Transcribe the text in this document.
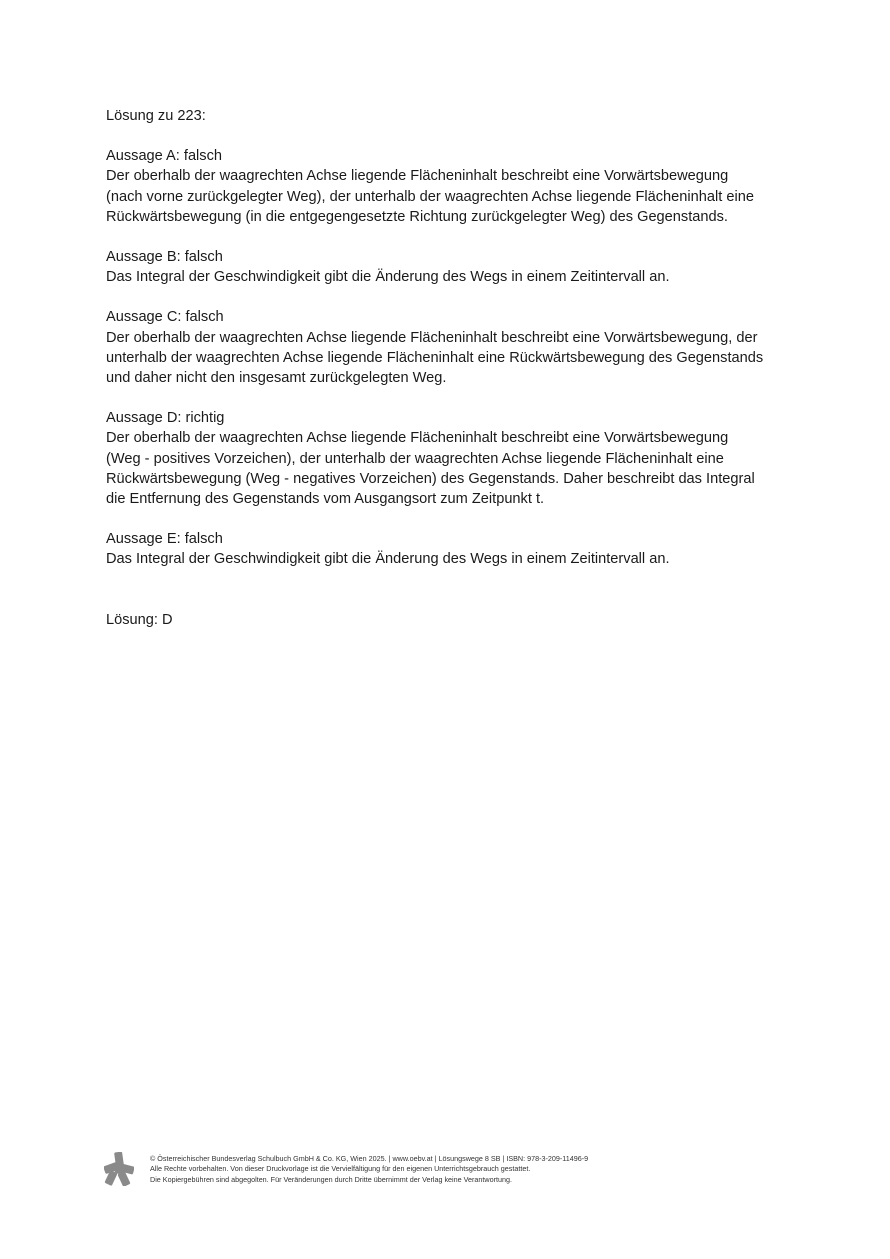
Lösung zu 223:

Aussage A: falsch

Der oberhalb der waagrechten Achse liegende Flächeninhalt beschreibt eine Vorwärtsbewegung

(nach vorne zurückgelegter Weg), der unterhalb der waagrechten Achse liegende Flächeninhalt eine

Rückwärtsbewegung (in die entgegengesetzte Richtung zurückgelegter Weg) des Gegenstands.

Aussage B: falsch

Das Integral der Geschwindigkeit gibt die Änderung des Wegs in einem Zeitintervall an.

Aussage C: falsch

Der oberhalb der waagrechten Achse liegende Flächeninhalt beschreibt eine Vorwärtsbewegung, der

unterhalb der waagrechten Achse liegende Flächeninhalt eine Rückwärtsbewegung des Gegenstands

und daher nicht den insgesamt zurückgelegten Weg.

Aussage D: richtig

Der oberhalb der waagrechten Achse liegende Flächeninhalt beschreibt eine Vorwärtsbewegung

(Weg - positives Vorzeichen), der unterhalb der waagrechten Achse liegende Flächeninhalt eine

Rückwärtsbewegung (Weg - negatives Vorzeichen) des Gegenstands. Daher beschreibt das Integral

die Entfernung des Gegenstands vom Ausgangsort zum Zeitpunkt t.

Aussage E: falsch

Das Integral der Geschwindigkeit gibt die Änderung des Wegs in einem Zeitintervall an.

Lösung: D

© Österreichischer Bundesverlag Schulbuch GmbH & Co. KG, Wien 2025. | www.oebv.at | Lösungswege 8 SB | ISBN: 978-3-209-11496-9
Alle Rechte vorbehalten. Von dieser Druckvorlage ist die Vervielfältigung für den eigenen Unterrichtsgebrauch gestattet.
Die Kopiergebühren sind abgegolten. Für Veränderungen durch Dritte übernimmt der Verlag keine Verantwortung.
